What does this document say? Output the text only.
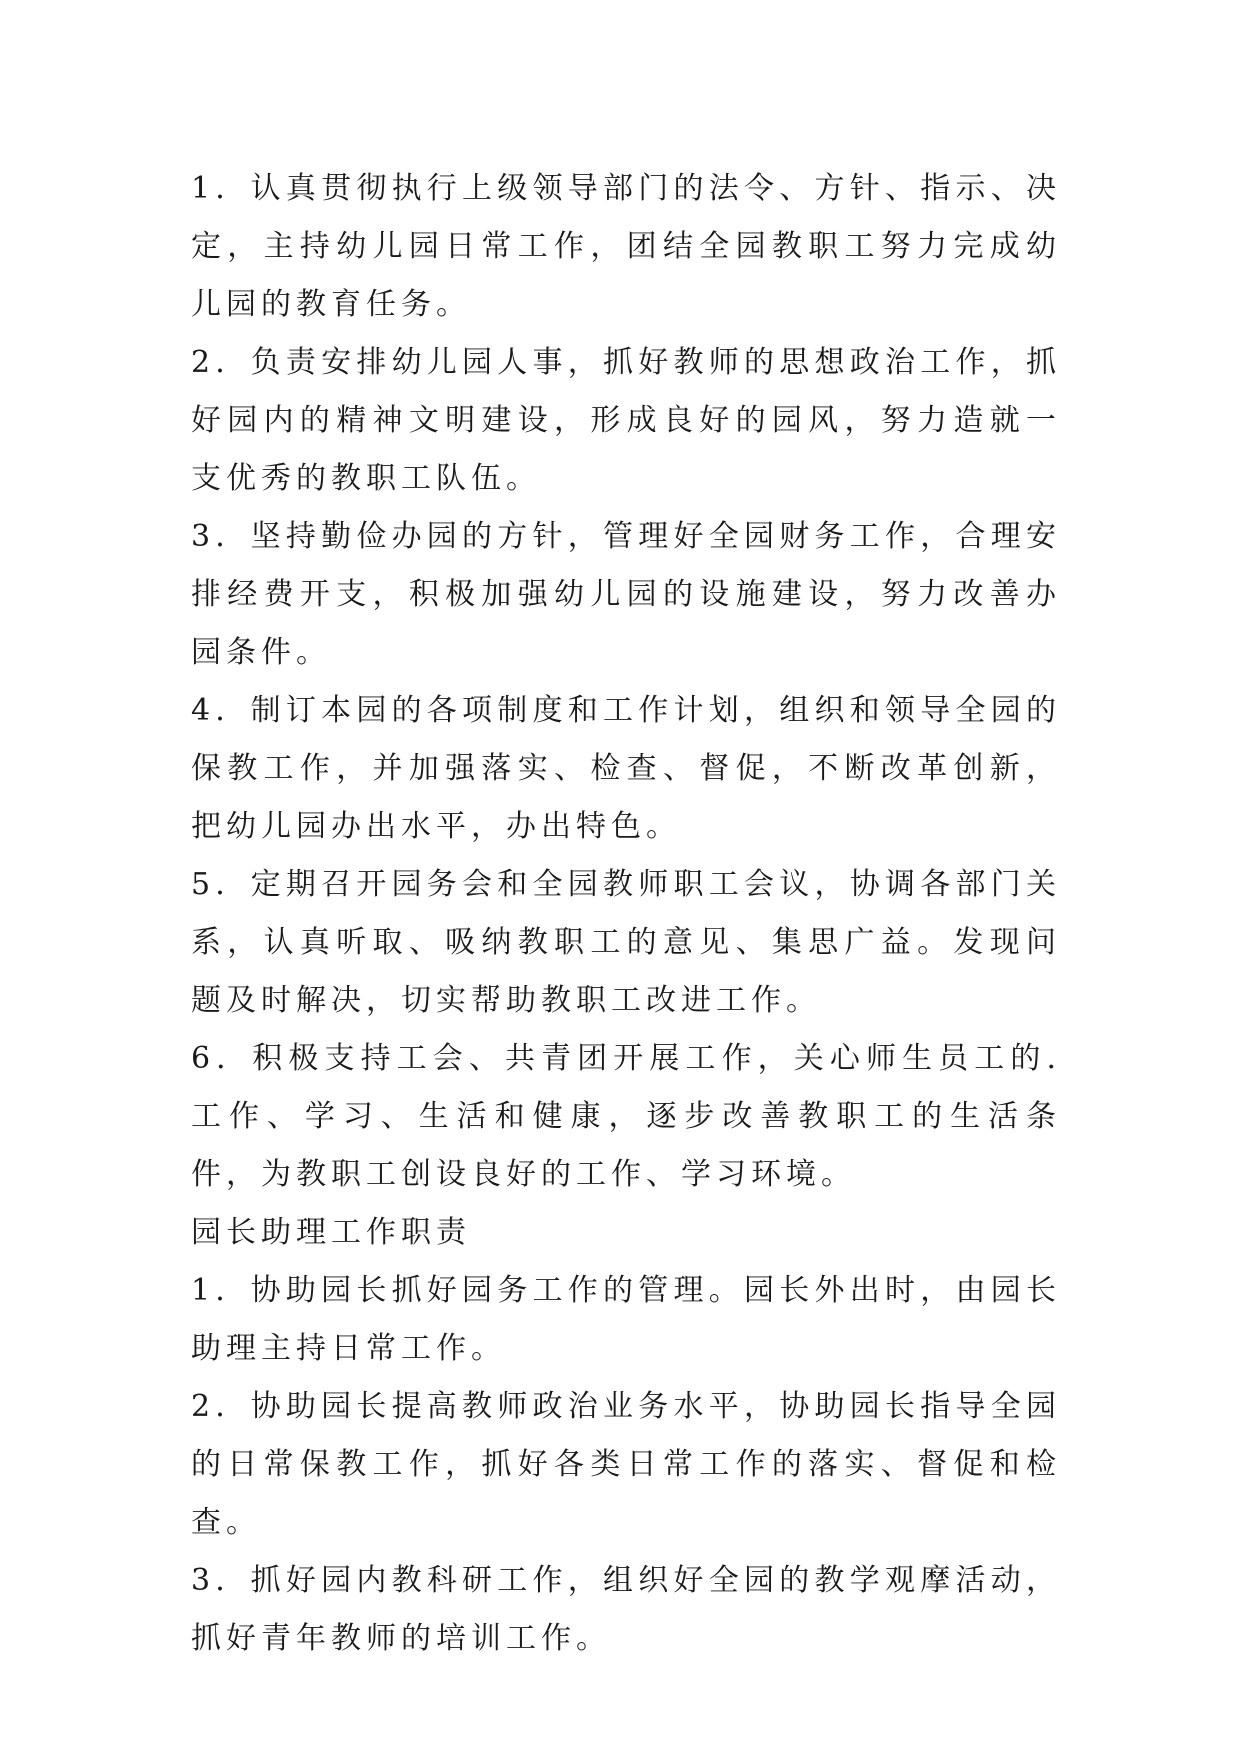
1．认真贯彻执行上级领导部门的法令、方针、指示、决定，主持幼儿园日常工作，团结全园教职工努力完成幼儿园的教育任务。

2．负责安排幼儿园人事，抓好教师的思想政治工作，抓好园内的精神文明建设，形成良好的园风，努力造就一支优秀的教职工队伍。

3．坚持勤俭办园的方针，管理好全园财务工作，合理安排经费开支，积极加强幼儿园的设施建设，努力改善办园条件。

4．制订本园的各项制度和工作计划，组织和领导全园的保教工作，并加强落实、检查、督促，不断改革创新，把幼儿园办出水平，办出特色。

5．定期召开园务会和全园教师职工会议，协调各部门关系，认真听取、吸纳教职工的意见、集思广益。发现问题及时解决，切实帮助教职工改进工作。

6．积极支持工会、共青团开展工作，关心师生员工的.工作、学习、生活和健康，逐步改善教职工的生活条件，为教职工创设良好的工作、学习环境。

园长助理工作职责

1．协助园长抓好园务工作的管理。园长外出时，由园长助理主持日常工作。

2．协助园长提高教师政治业务水平，协助园长指导全园的日常保教工作，抓好各类日常工作的落实、督促和检查。

3．抓好园内教科研工作，组织好全园的教学观摩活动，抓好青年教师的培训工作。
